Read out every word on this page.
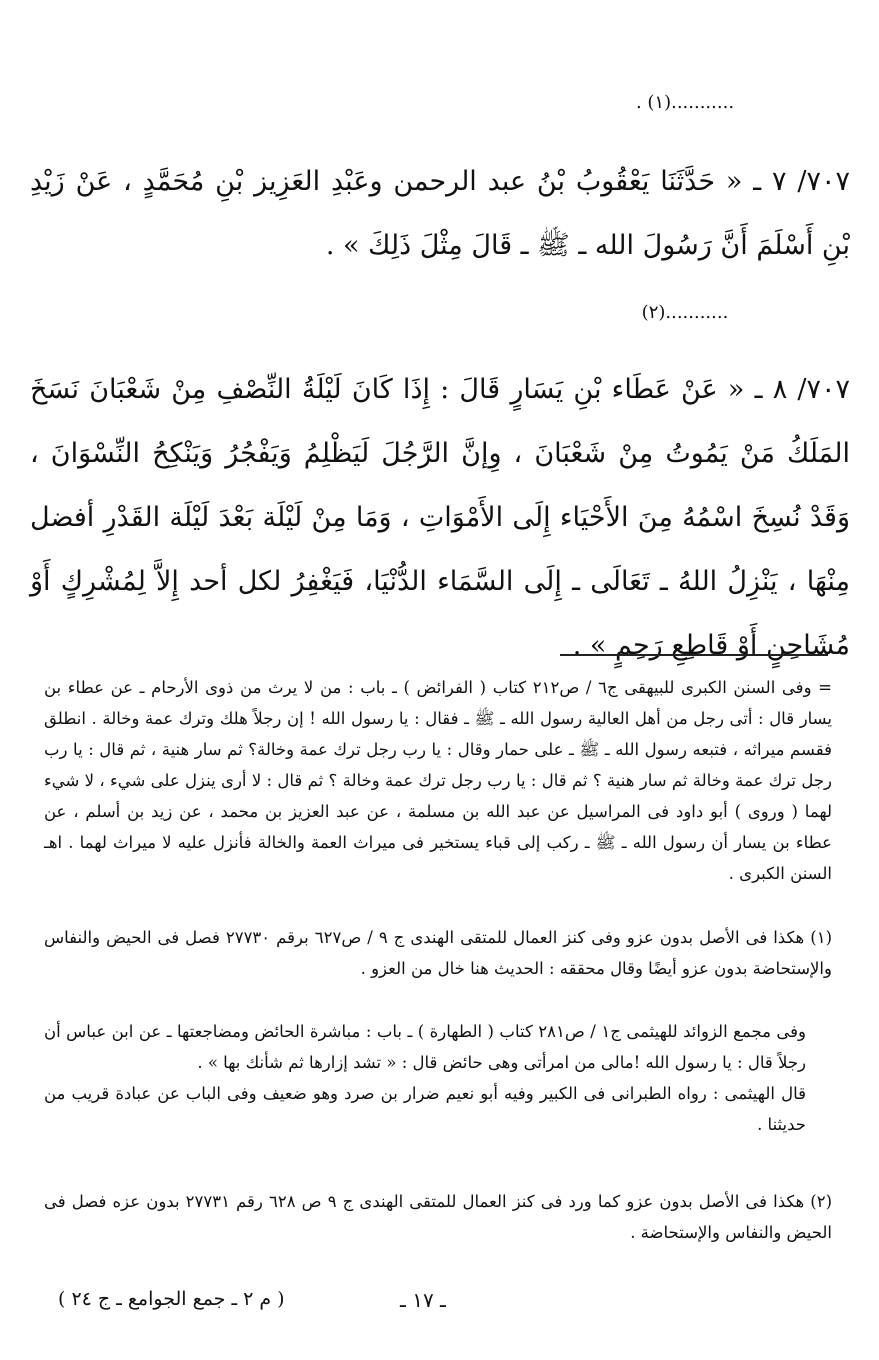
. (١)...........

٧٠٧/ ٧ ـ « حَدَّثَنَا يَعْقُوبُ بْنُ عبد الرحمن وعَبْدِ العَزِيز بْنِ مُحَمَّدٍ ، عَنْ زَيْدِ بْنِ أَسْلَمَ أَنَّ رَسُولَ الله ـ ﷺ ـ قَالَ مِثْلَ ذَلِكَ » .

(٢)...........

٧٠٧/ ٨ ـ « عَنْ عَطَاء بْنِ يَسَارٍ قَالَ : إِذَا كَانَ لَيْلَةُ النِّصْفِ مِنْ شَعْبَانَ نَسَخَ المَلَكُ مَنْ يَمُوتُ مِنْ شَعْبَانَ ، وِإنَّ الرَّجُلَ لَيَظْلِمُ وَيَفْجُرُ وَيَنْكِحُ النِّسْوَانَ ، وَقَدْ نُسِخَ اسْمُهُ مِنَ الأَحْيَاء إِلَى الأَمْوَاتِ ، وَمَا مِنْ لَيْلَة بَعْدَ لَيْلَة القَدْرِ أفضل مِنْهَا ، يَنْزِلُ اللهُ ـ تَعَالَى ـ إِلَى السَّمَاء الدُّنْيَا، فَيَغْفِرُ لكل أحد إِلاَّ لِمُشْرِكٍ أَوْ مُشَاحِنٍ أَوْ قَاطِعِ رَحِمٍ » .

= وفى السنن الكبرى للبيهقى ج٦ / ص٢١٢ كتاب ( الفرائض ) ـ باب : من لا يرث من ذوى الأرحام ـ عن عطاء بن يسار قال : أتى رجل من أهل العالية رسول الله ـ ﷺ ـ فقال : يا رسول الله ! إن رجلاً هلك وترك عمة وخالة . انطلق فقسم ميراثه ، فتبعه رسول الله ـ ﷺ ـ على حمار وقال : يا رب رجل ترك عمة وخالة؟ ثم سار هنية ، ثم قال : يا رب رجل ترك عمة وخالة ثم سار هنية ؟ ثم قال : يا رب رجل ترك عمة وخالة ؟ ثم قال : لا أرى ينزل على شيء ، لا شيء لهما ( وروى ) أبو داود فى المراسيل عن عبد الله بن مسلمة ، عن عبد العزيز بن محمد ، عن زيد بن أسلم ، عن عطاء بن يسار أن رسول الله ـ ﷺ ـ ركب إلى قباء يستخير فى ميراث العمة والخالة فأنزل عليه لا ميراث لهما . اهـ السنن الكبرى .

(١) هكذا فى الأصل بدون عزو وفى كنز العمال للمتقى الهندى ج ٩ / ص٦٢٧ برقم ٢٧٧٣٠ فصل فى الحيض والنفاس والإستحاضة بدون عزو أيضًا وقال محققه : الحديث هنا خال من العزو .

وفى مجمع الزوائد للهيثمى ج١ / ص٢٨١ كتاب ( الطهارة ) ـ باب : مباشرة الحائض ومضاجعتها ـ عن ابن عباس أن رجلاً قال : يا رسول الله !مالى من امرأتى وهى حائض قال : « تشد إزارها ثم شأنك بها » .

قال الهيثمى : رواه الطبرانى فى الكبير وفيه أبو نعيم ضرار بن صرد وهو ضعيف وفى الباب عن عبادة قريب من حديثنا .

(٢) هكذا فى الأصل بدون عزو كما ورد فى كنز العمال للمتقى الهندى ج ٩ ص ٦٢٨ رقم ٢٧٧٣١ بدون عزه فصل فى الحيض والنفاس والإستحاضة .

ـ ١٧ ـ
( م ٢ ـ جمع الجوامع ـ ج ٢٤ )
